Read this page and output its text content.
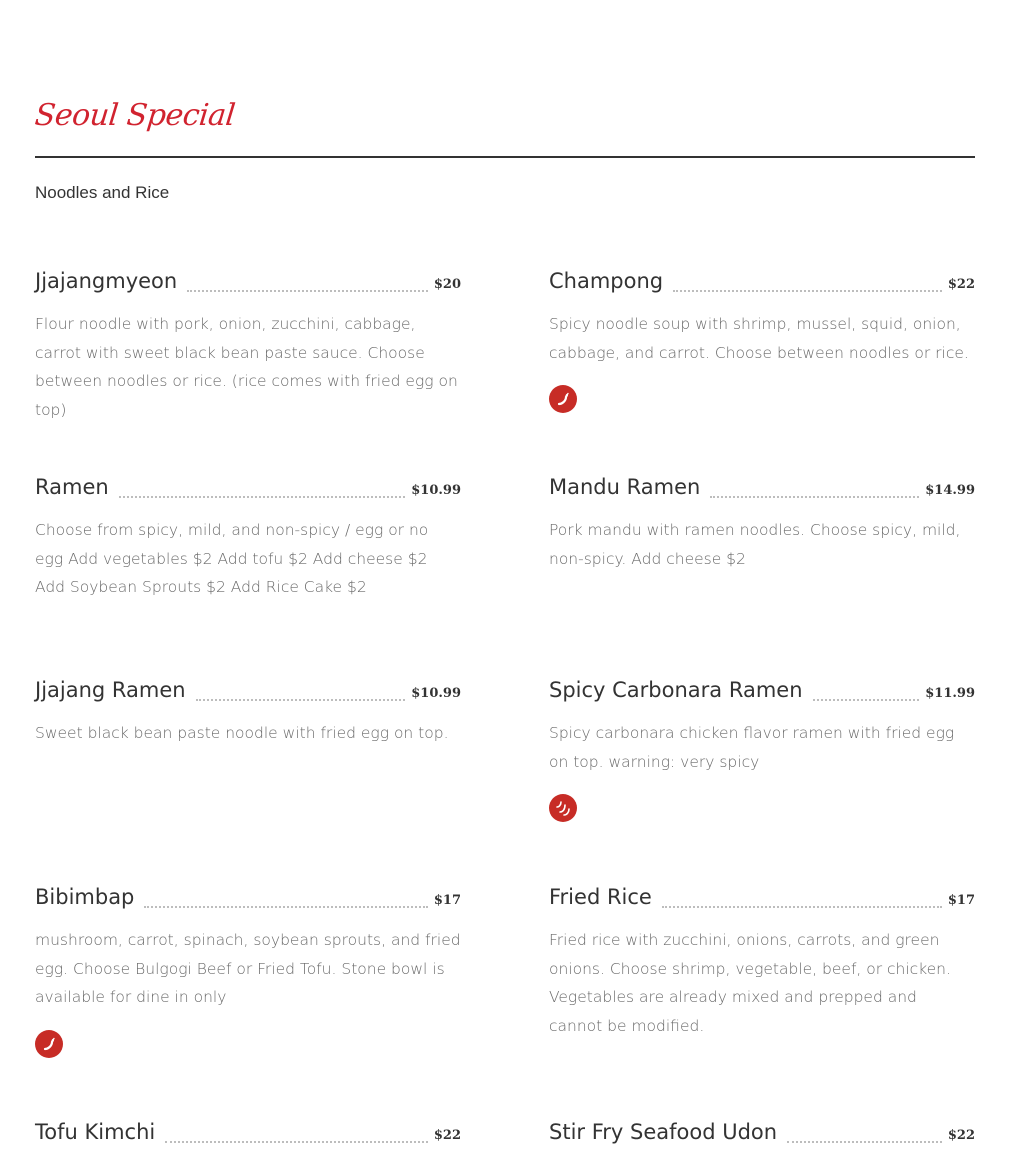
Seoul Special
Noodles and Rice
Jjajangmyeon	$20
Flour noodle with pork, onion, zucchini, cabbage, carrot with sweet black bean paste sauce. Choose between noodles or rice. (rice comes with fried egg on top)
Champong	$22
Spicy noodle soup with shrimp, mussel, squid, onion, cabbage, and carrot. Choose between noodles or rice.
Ramen	$10.99
Choose from spicy, mild, and non-spicy / egg or no egg Add vegetables $2 Add tofu $2 Add cheese $2 Add Soybean Sprouts $2 Add Rice Cake $2
Mandu Ramen	$14.99
Pork mandu with ramen noodles. Choose spicy, mild, non-spicy. Add cheese $2
Jjajang Ramen	$10.99
Sweet black bean paste noodle with fried egg on top.
Spicy Carbonara Ramen	$11.99
Spicy carbonara chicken flavor ramen with fried egg on top. warning: very spicy
Bibimbap	$17
mushroom, carrot, spinach, soybean sprouts, and fried egg. Choose Bulgogi Beef or Fried Tofu. Stone bowl is available for dine in only
Fried Rice	$17
Fried rice with zucchini, onions, carrots, and green onions. Choose shrimp, vegetable, beef, or chicken. Vegetables are already mixed and prepped and cannot be modified.
Tofu Kimchi	$22	Stir Fry Seafood Udon	$22
